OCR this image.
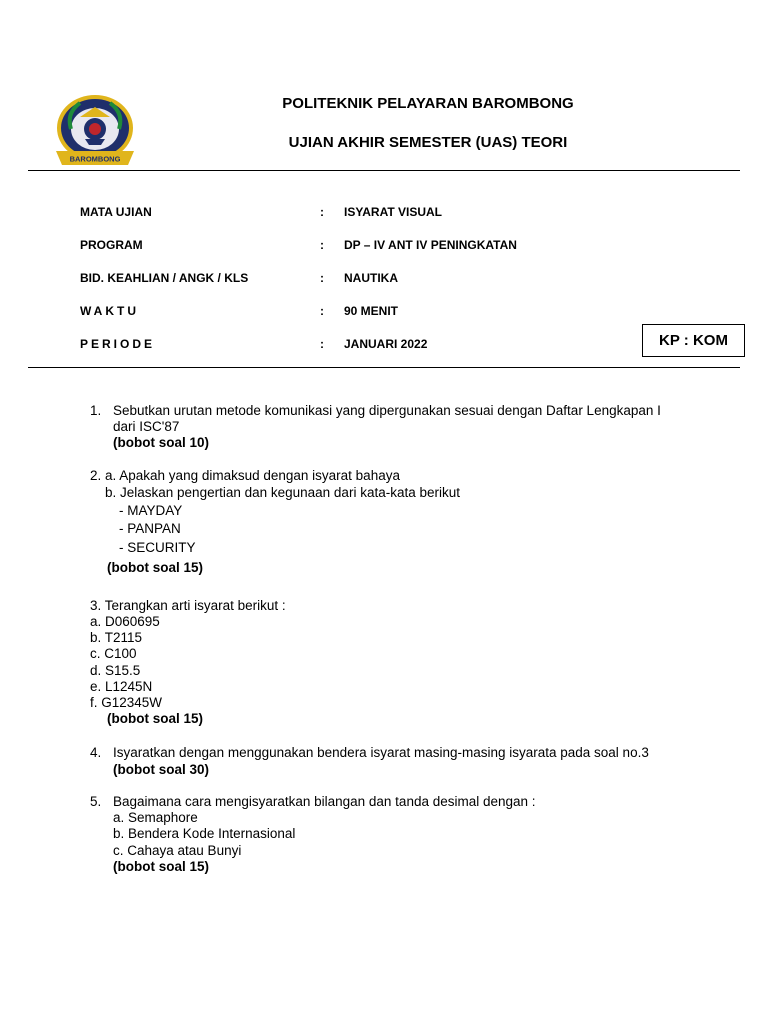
BAROMBONG
POLITEKNIK PELAYARAN BAROMBONG
UJIAN AKHIR SEMESTER (UAS) TEORI
MATA UJIAN	: ISYARAT VISUAL
PROGRAM	: DP – IV ANT IV PENINGKATAN
BID. KEAHLIAN / ANGK / KLS	: NAUTIKA
WAKTU	: 90 MENIT
PERIODE	: JANUARI 2022	KP : KOM
1. Sebutkan urutan metode komunikasi yang dipergunakan sesuai dengan Daftar Lengkapan I
dari ISC'87
(bobot soal 10)
2. a. Apakah yang dimaksud dengan isyarat bahaya
b. Jelaskan pengertian dan kegunaan dari kata-kata berikut
- MAYDAY
- PANPAN
- SECURITY
(bobot soal 15)
3. Terangkan arti isyarat berikut :
a. D060695
b. T2115
c. C100
d. S15.5
e. L1245N
f. G12345W
(bobot soal 15)
4. Isyaratkan dengan menggunakan bendera isyarat masing-masing isyarata pada soal no.3
(bobot soal 30)
5. Bagaimana cara mengisyaratkan bilangan dan tanda desimal dengan :
a. Semaphore
b. Bendera Kode Internasional
c. Cahaya atau Bunyi
(bobot soal 15)
